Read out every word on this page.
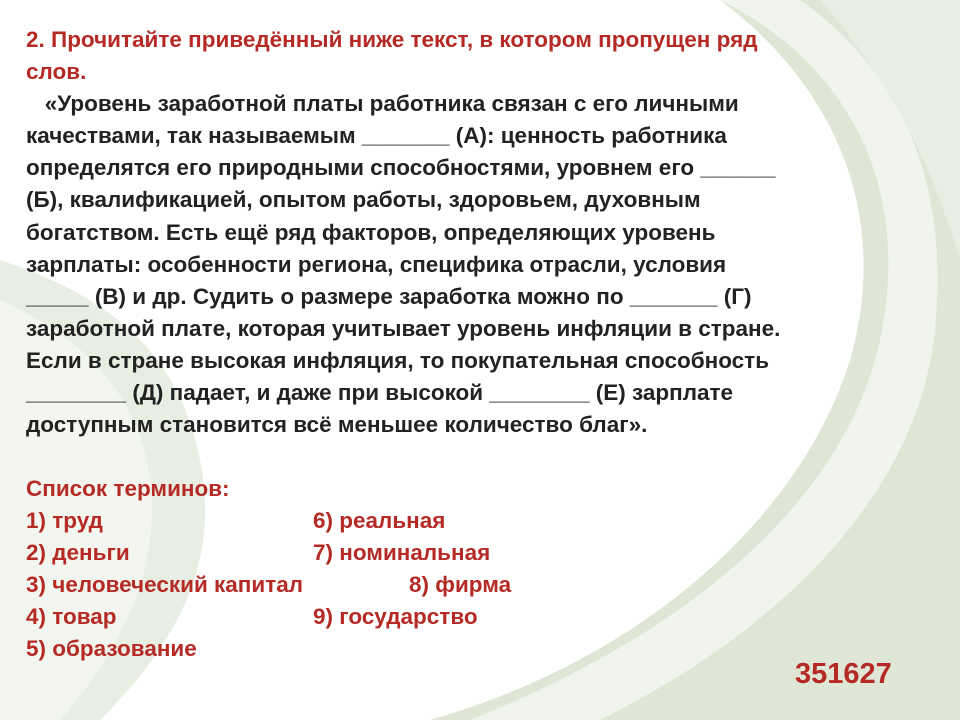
2. Прочитайте приведённый ниже текст, в котором пропущен ряд
слов.
«Уровень заработной платы работника связан с его личными
качествами, так называемым _______ (А): ценность работника
определятся его природными способностями, уровнем его ______
(Б), квалификацией, опытом работы, здоровьем, духовным
богатством. Есть ещё ряд факторов, определяющих уровень
зарплаты: особенности региона, специфика отрасли, условия
_____ (В) и др. Судить о размере заработка можно по _______ (Г)
заработной плате, которая учитывает уровень инфляции в стране.
Если в стране высокая инфляция, то покупательная способность
________ (Д) падает, и даже при высокой ________ (Е) зарплате
доступным становится всё меньшее количество благ».
Список терминов:
1) труд
2) деньги
3) человеческий капитал
4) товар
5) образование
6) реальная
7) номинальная
8) фирма
9) государство
351627
